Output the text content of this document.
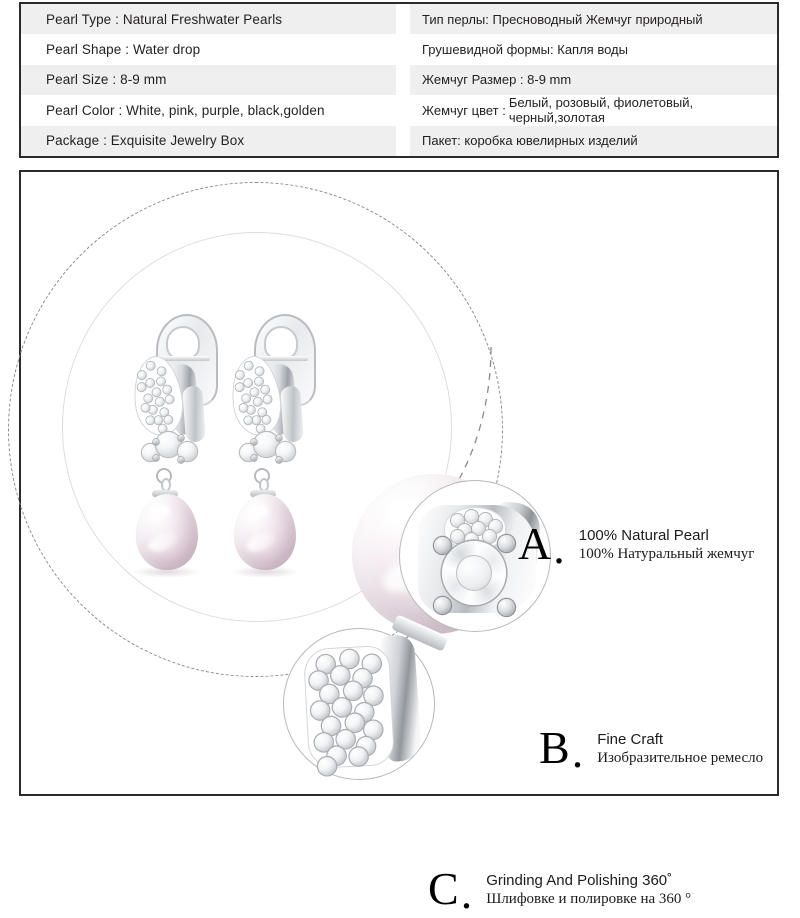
Pearl Type : Natural Freshwater Pearls	Тип перлы: Пресноводный Жемчуг природный
Pearl Shape : Water drop	Грушевидной формы: Капля воды
Pearl Size : 8-9 mm	Жемчуг Размер : 8-9 mm
Pearl Color : White, pink, purple, black,golden	Жемчуг цвет :
Белый, розовый, фиолетовый,
черный,золотая
Package : Exquisite Jewelry Box	Пакет: коробка ювелирных изделий
A . 100% Natural Pearl 100% Натуральный жемчуг
B . Fine Craft Изобразительное ремесло
C . Grinding And Polishing 360˚ Шлифовке и полировке на 360 °
